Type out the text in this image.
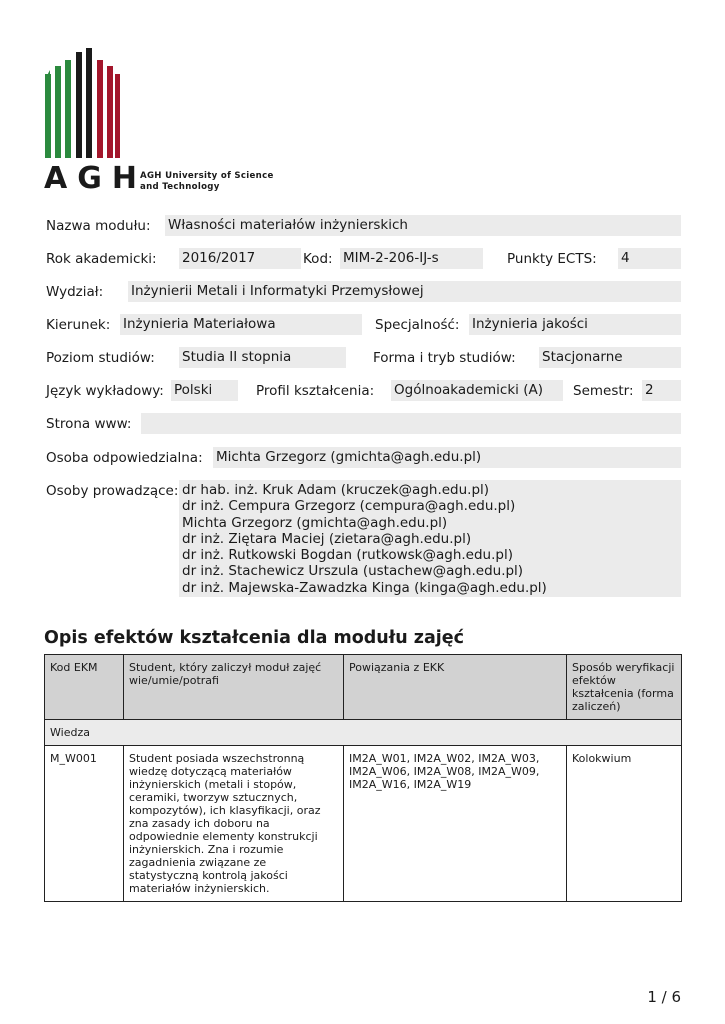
AGH
AGH University of Science
and Technology
Nazwa modułu: Własności materiałów inżynierskich
Rok akademicki: 2016/2017	Kod: MIM-2-206-IJ-s	Punkty ECTS: 4
Wydział: Inżynierii Metali i Informatyki Przemysłowej
Kierunek: Inżynieria Materiałowa	Specjalność: Inżynieria jakości
Poziom studiów: Studia II stopnia	Forma i tryb studiów: Stacjonarne
Język wykładowy: Polski	Profil kształcenia: Ogólnoakademicki (A)	Semestr: 2
Strona www:
Osoba odpowiedzialna: Michta Grzegorz (gmichta@agh.edu.pl)
Osoby prowadzące: dr hab. inż. Kruk Adam (kruczek@agh.edu.pl)
dr inż. Cempura Grzegorz (cempura@agh.edu.pl)
Michta Grzegorz (gmichta@agh.edu.pl)
dr inż. Ziętara Maciej (zietara@agh.edu.pl)
dr inż. Rutkowski Bogdan (rutkowsk@agh.edu.pl)
dr inż. Stachewicz Urszula (ustachew@agh.edu.pl)
dr inż. Majewska-Zawadzka Kinga (kinga@agh.edu.pl)
Opis efektów kształcenia dla modułu zajęć
Kod EKM	Student, który zaliczył moduł zajęć wie/umie/potrafi	Powiązania z EKK	Sposób weryfikacji efektów kształcenia (forma zaliczeń)
Wiedza			
M_W001	Student posiada wszechstronną wiedzę dotyczącą materiałów inżynierskich (metali i stopów, ceramiki, tworzyw sztucznych, kompozytów), ich klasyfikacji, oraz zna zasady ich doboru na odpowiednie elementy konstrukcji inżynierskich. Zna i rozumie zagadnienia związane ze statystyczną kontrolą jakości materiałów inżynierskich.	IM2A_W01, IM2A_W02, IM2A_W03, IM2A_W06, IM2A_W08, IM2A_W09, IM2A_W16, IM2A_W19	Kolokwium
1 / 6
